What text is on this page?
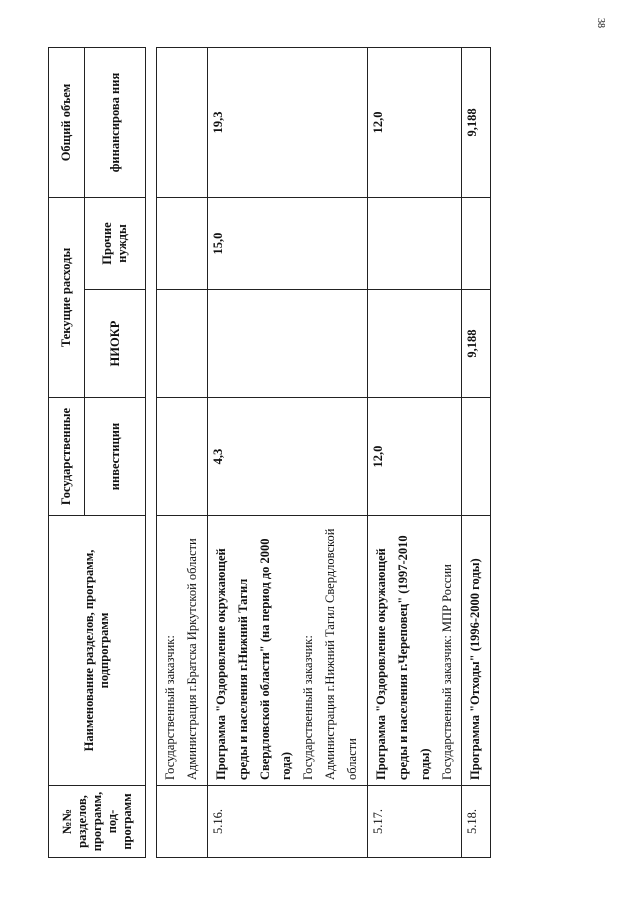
38
№№ разделов, программ, под-программ	Наименование разделов, программ, подпрограмм	Государственные	Текущие расходы		Общий объем
		инвестиции	НИОКР	Прочие нужды	финансирова ния

	Государственный заказчик: Администрация г.Братска Иркутской области				

5.16.	Программа "Оздоровление окружающей среды и населения г.Нижний Тагил Свердловской области" (на период до 2000 года) Государственный заказчик: Администрация г.Нижний Тагил Свердловской области	4,3		15,0	19,3
5.17.	Программа "Оздоровление окружающей среды и населения г.Череповец" (1997-2010 годы) Государственный заказчик: МПР России	12,0			12,0
5.18.	Программа "Отходы" (1996-2000 годы)		9,188		9,188
